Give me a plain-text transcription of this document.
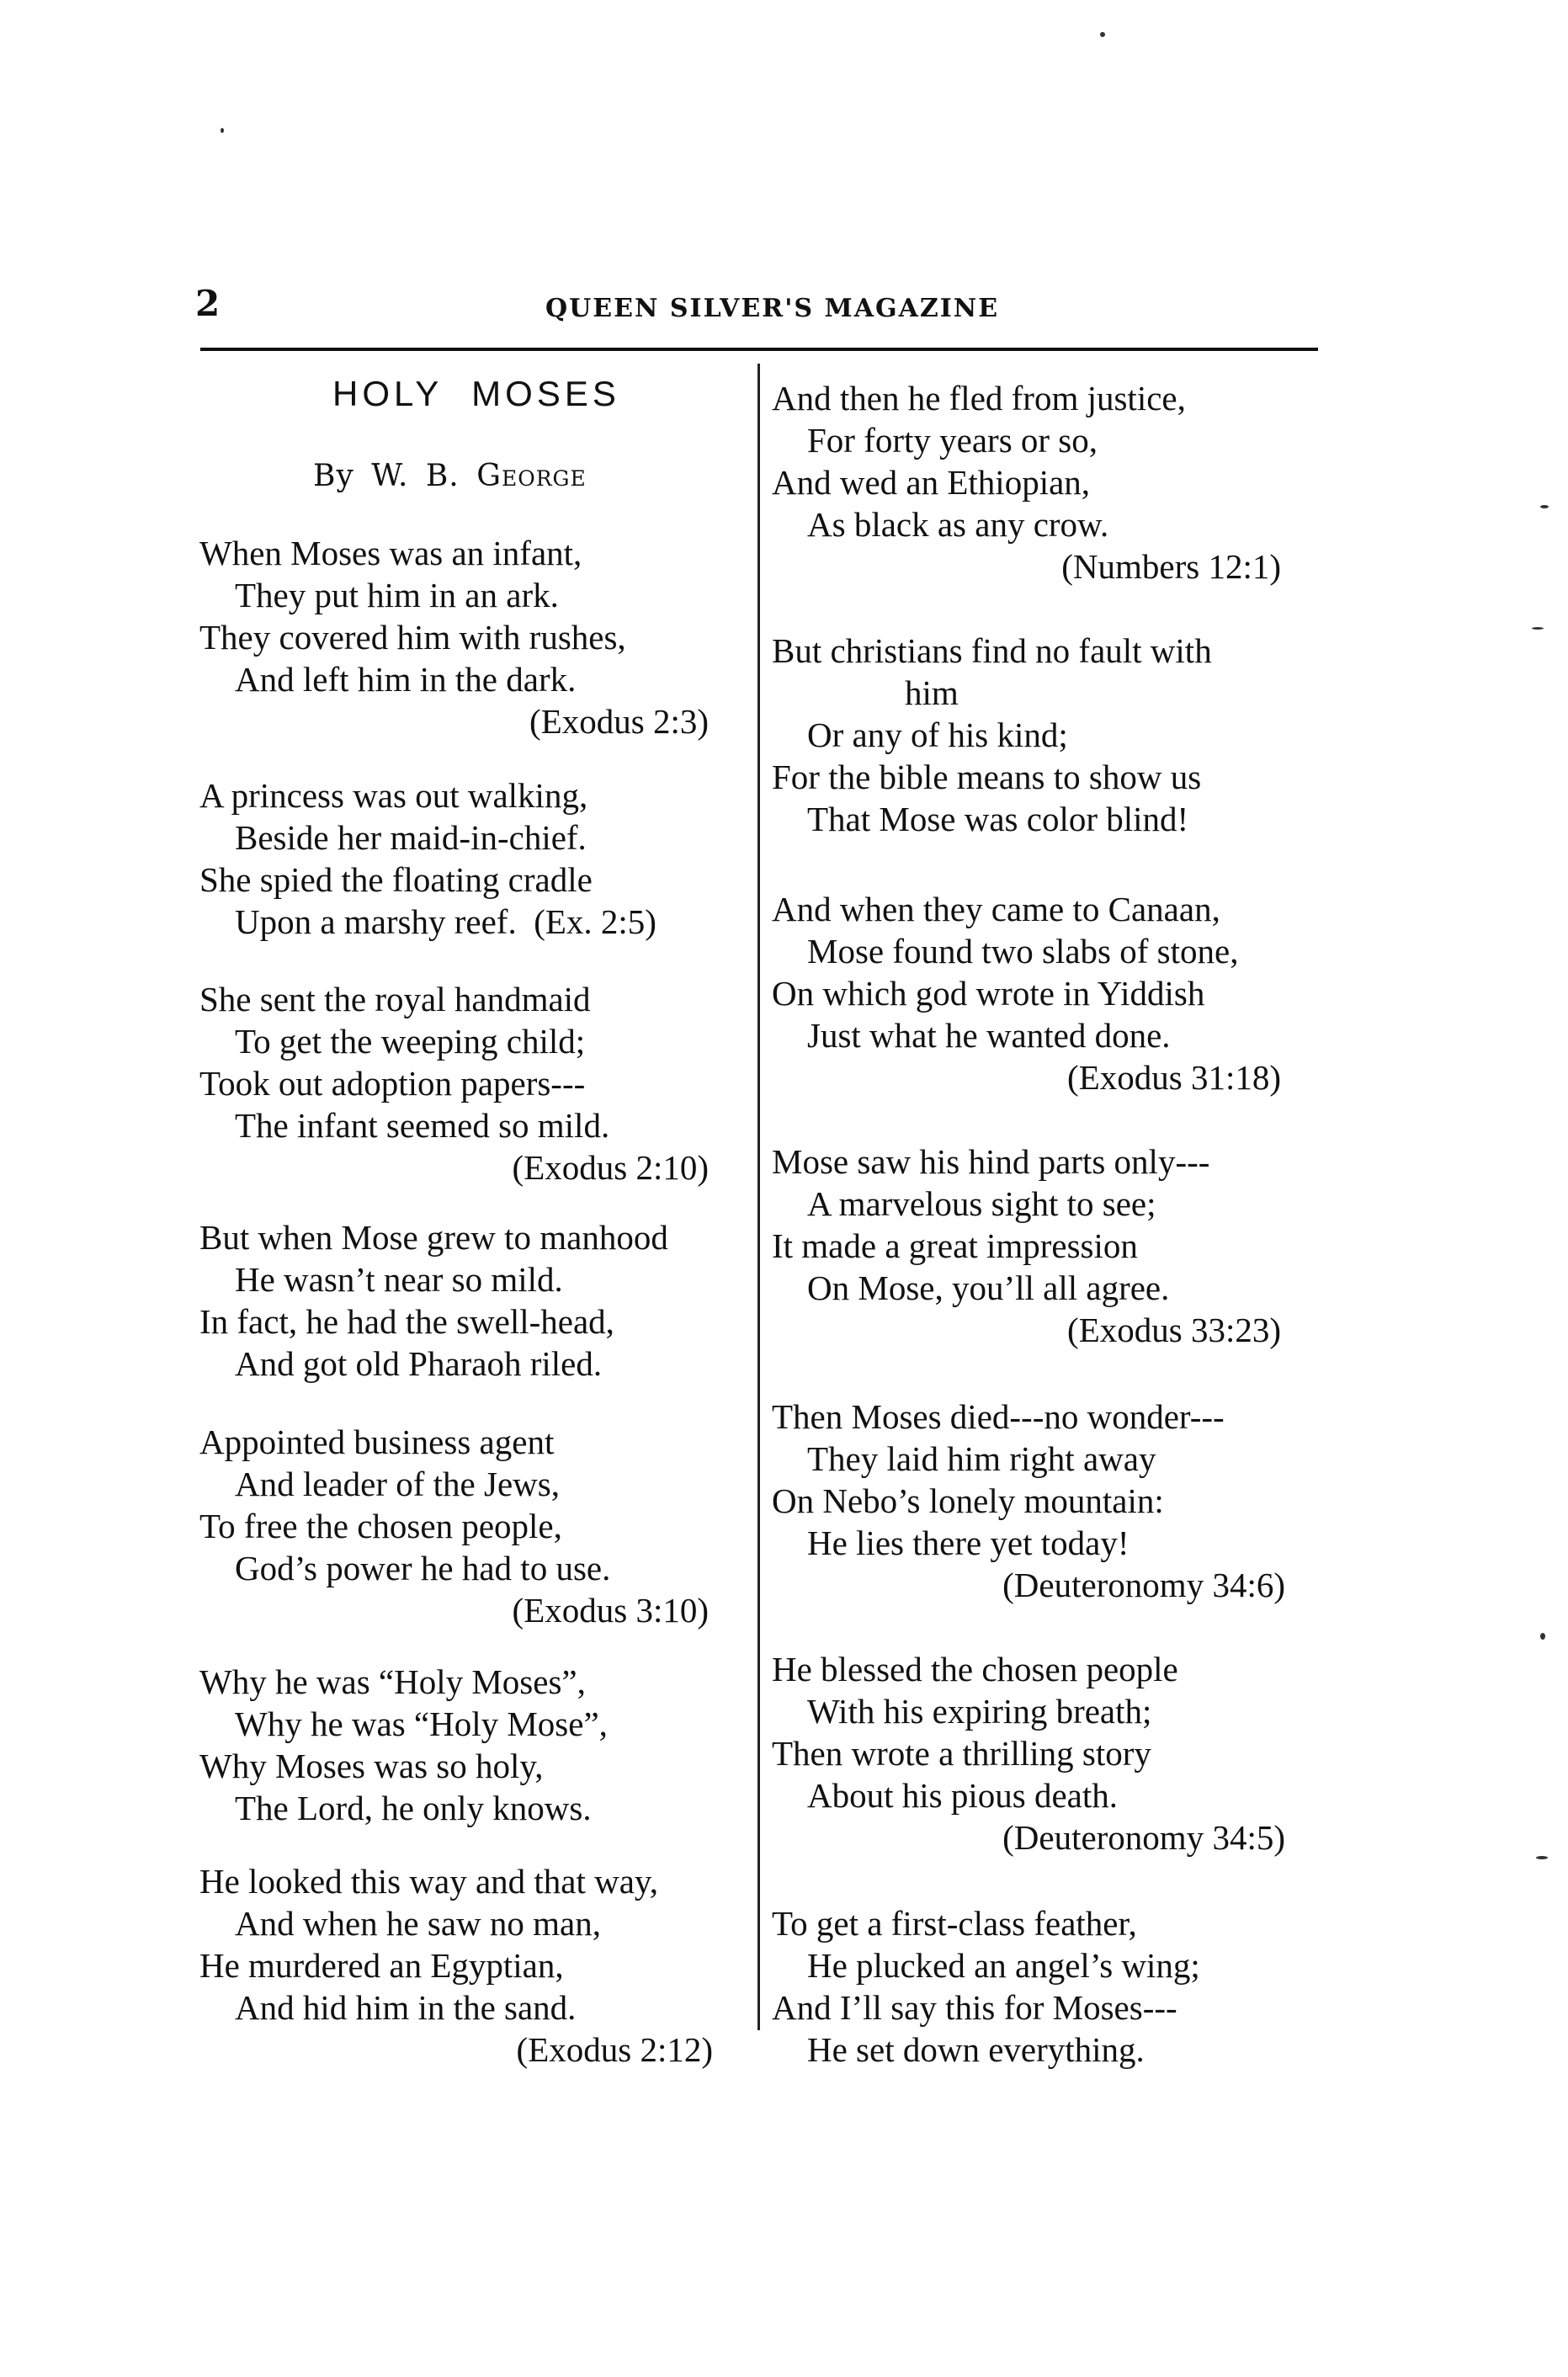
2	QUEEN SILVER'S MAGAZINE
HOLY MOSES
By W. B. George
When Moses was an infant,
They put him in an ark.
They covered him with rushes,
And left him in the dark.
(Exodus 2:3)
A princess was out walking,
Beside her maid-in-chief.
She spied the floating cradle
Upon a marshy reef.  (Ex. 2:5)
She sent the royal handmaid
To get the weeping child;
Took out adoption papers---
The infant seemed so mild.
(Exodus 2:10)
But when Mose grew to manhood
He wasn’t near so mild.
In fact, he had the swell-head,
And got old Pharaoh riled.
Appointed business agent
And leader of the Jews,
To free the chosen people,
God’s power he had to use.
(Exodus 3:10)
Why he was “Holy Moses”,
Why he was “Holy Mose”,
Why Moses was so holy,
The Lord, he only knows.
He looked this way and that way,
And when he saw no man,
He murdered an Egyptian,
And hid him in the sand.
(Exodus 2:12)
And then he fled from justice,
For forty years or so,
And wed an Ethiopian,
As black as any crow.
(Numbers 12:1)
But christians find no fault with
him
Or any of his kind;
For the bible means to show us
That Mose was color blind!
And when they came to Canaan,
Mose found two slabs of stone,
On which god wrote in Yiddish
Just what he wanted done.
(Exodus 31:18)
Mose saw his hind parts only---
A marvelous sight to see;
It made a great impression
On Mose, you’ll all agree.
(Exodus 33:23)
Then Moses died---no wonder---
They laid him right away
On Nebo’s lonely mountain:
He lies there yet today!
(Deuteronomy 34:6)
He blessed the chosen people
With his expiring breath;
Then wrote a thrilling story
About his pious death.
(Deuteronomy 34:5)
To get a first-class feather,
He plucked an angel’s wing;
And I’ll say this for Moses---
He set down everything.
